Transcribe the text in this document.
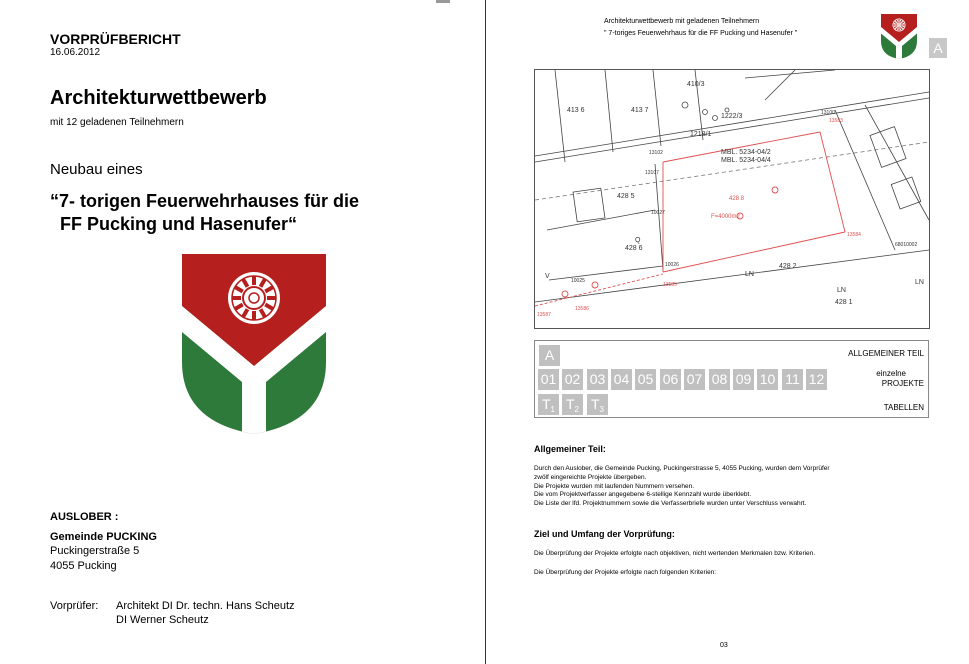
VORPRÜFBERICHT
16.06.2012
Architekturwettbewerb
mit 12 geladenen Teilnehmern
Neubau eines
“7- torigen Feuerwehrhauses für die
FF Pucking und Hasenufer“
AUSLOBER :
Gemeinde PUCKING
Puckingerstraße 5
4055 Pucking
Vorprüfer: Architekt DI Dr. techn. Hans Scheutz
DI Werner Scheutz
Architekturwettbewerb mit geladenen Teilnehmern
" 7-toriges Feuerwehrhaus für die FF Pucking und Hasenufer "
A
413 6	413 7
410/3
1222/3
1218/1
428 5
428 6
428 2
428 1
MBL. 5234-04/2
MBL. 5234-04/4
13102
13107
10027
10026
10025
13100
68010002
LN
LN
LN
Q
V
428 8
F=4000m2
13584
13583
13585
13586
13587
A
01 02 03 04 05 06 07 08 09 10 11 12
$T_1$ $T_2$ $T_3$
ALLGEMEINER TEIL
einzelne
PROJEKTE
TABELLEN
Allgemeiner Teil:
Durch den Auslober, die Gemeinde Pucking, Puckingerstrasse 5, 4055 Pucking, wurden dem Vorprüfer
zwölf eingereichte Projekte übergeben.
Die Projekte wurden mit laufenden Nummern versehen.
Die vom Projektverfasser angegebene 6-stellige Kennzahl wurde überklebt.
Die Liste der lfd. Projektnummern sowie die Verfasserbriefe wurden unter Verschluss verwahrt.
Ziel und Umfang der Vorprüfung:
Die Überprüfung der Projekte erfolgte nach objektiven, nicht wertenden Merkmalen bzw. Kriterien.
Die Überprüfung der Projekte erfolgte nach folgenden Kriterien:
03
